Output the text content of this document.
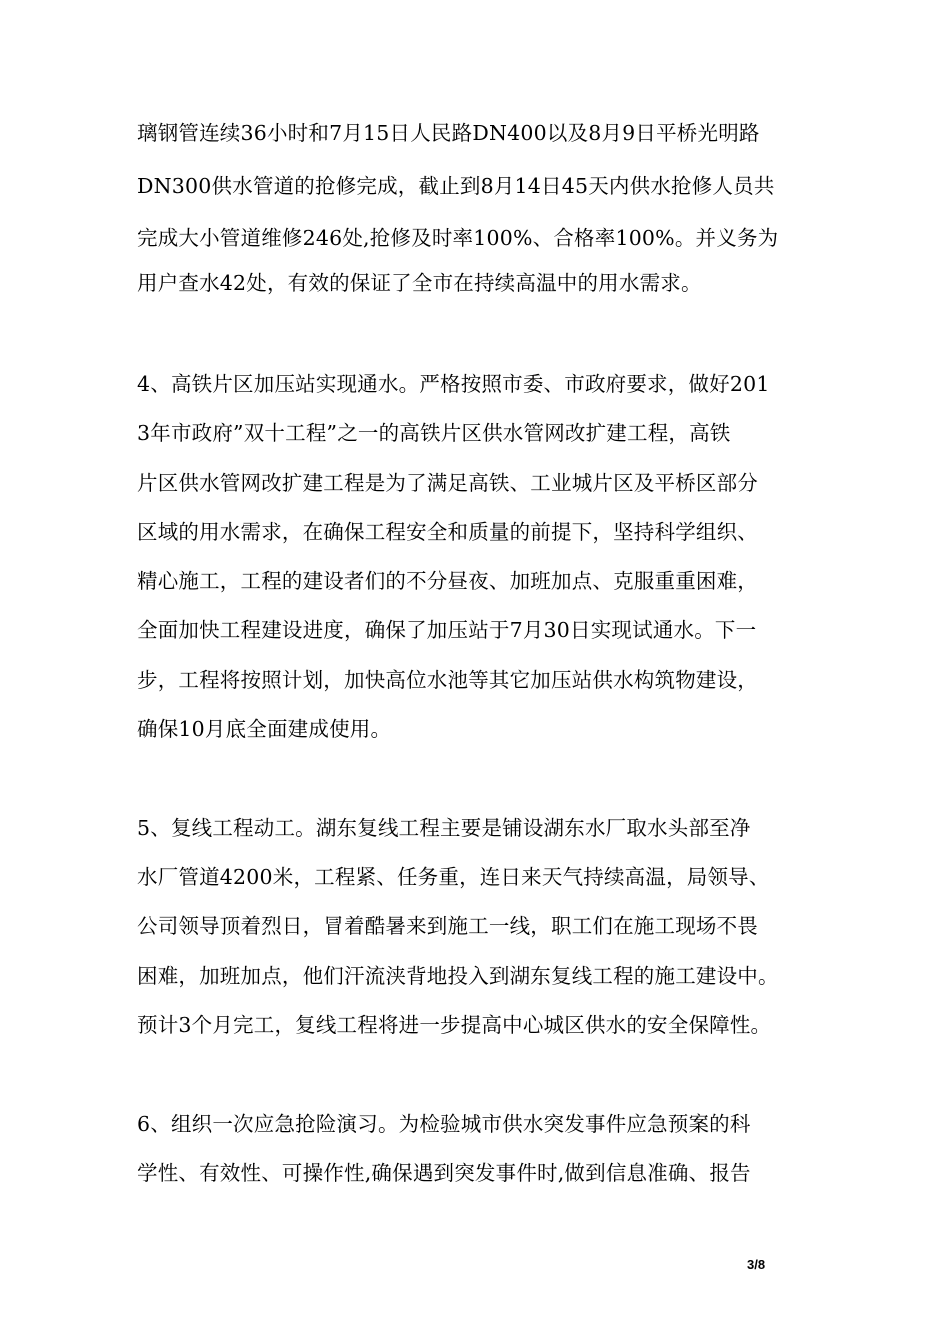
璃钢管连续36小时和7月15日人民路DN400以及8月9日平桥光明路
DN300供水管道的抢修完成，截止到8月14日45天内供水抢修人员共
完成大小管道维修246处,抢修及时率100%、合格率100%。并义务为
用户查水42处，有效的保证了全市在持续高温中的用水需求。
4、高铁片区加压站实现通水。严格按照市委、市政府要求，做好201
3年市政府”双十工程”之一的高铁片区供水管网改扩建工程，高铁
片区供水管网改扩建工程是为了满足高铁、工业城片区及平桥区部分
区域的用水需求，在确保工程安全和质量的前提下，坚持科学组织、
精心施工，工程的建设者们的不分昼夜、加班加点、克服重重困难，
全面加快工程建设进度，确保了加压站于7月30日实现试通水。下一
步，工程将按照计划，加快高位水池等其它加压站供水构筑物建设，
确保10月底全面建成使用。
5、复线工程动工。湖东复线工程主要是铺设湖东水厂取水头部至净
水厂管道4200米，工程紧、任务重，连日来天气持续高温，局领导、
公司领导顶着烈日，冒着酷暑来到施工一线，职工们在施工现场不畏
困难，加班加点，他们汗流浃背地投入到湖东复线工程的施工建设中。
预计3个月完工，复线工程将进一步提高中心城区供水的安全保障性。
6、组织一次应急抢险演习。为检验城市供水突发事件应急预案的科
学性、有效性、可操作性,确保遇到突发事件时,做到信息准确、报告
3/8
